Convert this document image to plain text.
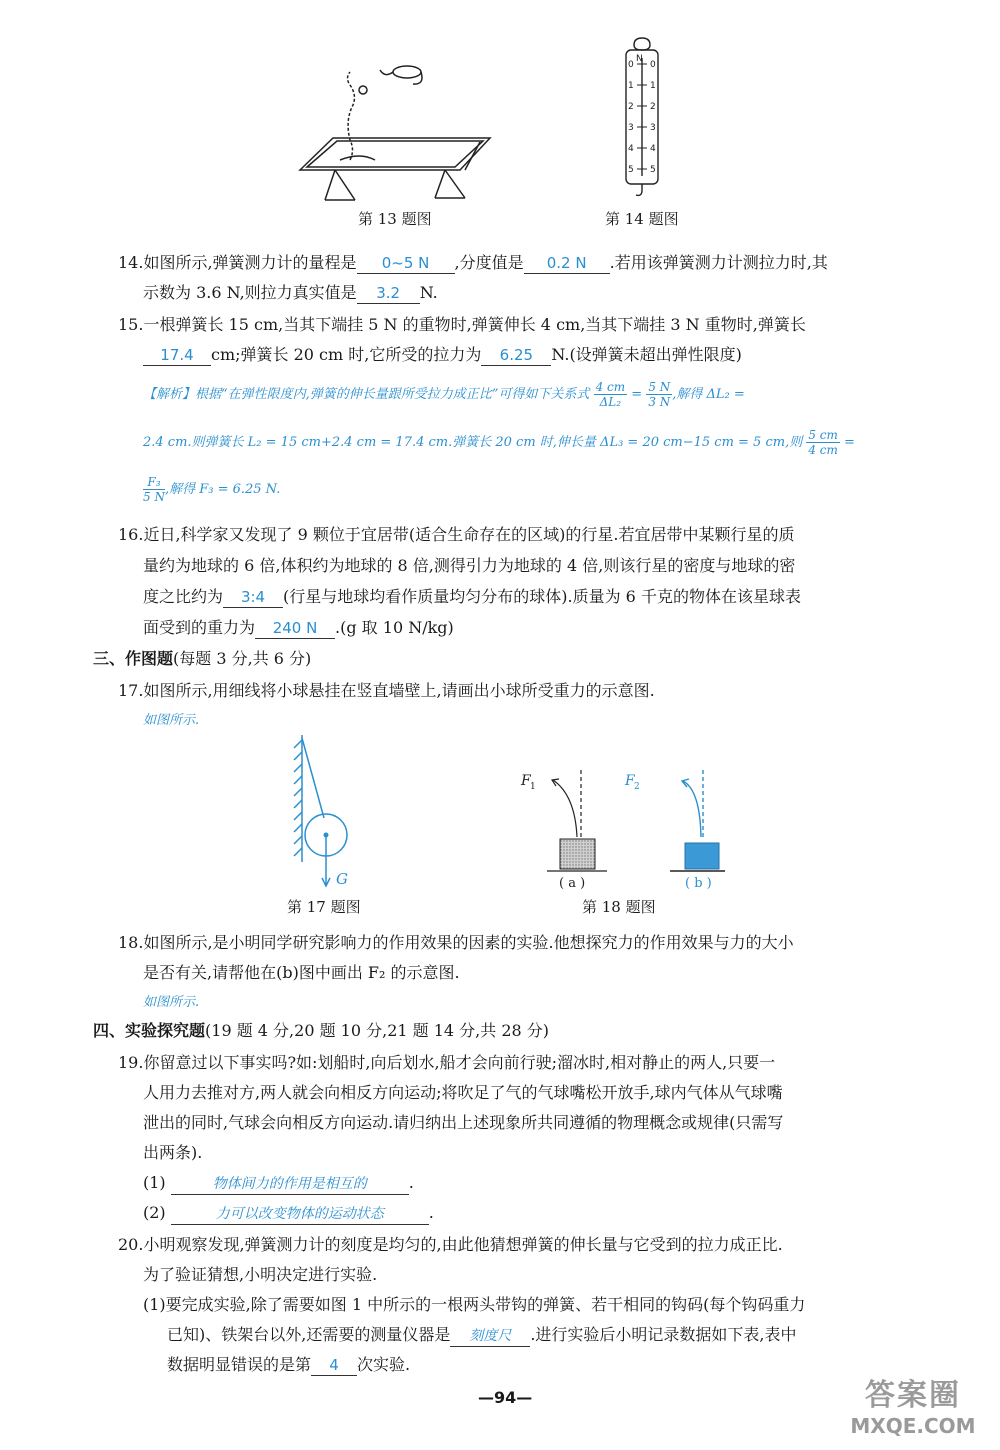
第 13 题图
N
0
1
2
3
4
5
0
1
2
3
4
5
第 14 题图
14.如图所示,弹簧测力计的量程是 0~5 N ,分度值是 0.2 N .若用该弹簧测力计测拉力时,其
示数为 3.6 N,则拉力真实值是 3.2 N.
15.一根弹簧长 15 cm,当其下端挂 5 N 的重物时,弹簧伸长 4 cm,当其下端挂 3 N 重物时,弹簧长
17.4 cm;弹簧长 20 cm 时,它所受的拉力为 6.25 N.(设弹簧未超出弹性限度)
【解析】根据“在弹性限度内,弹簧的伸长量跟所受拉力成正比”可得如下关系式 $\frac{4 cm}{\text{ΔL₂}} = \frac{5 N}{3 N}$ ,解得 ΔL₂ =
2.4 cm.则弹簧长 L₂ = 15 cm+2.4 cm = 17.4 cm.弹簧长 20 cm 时,伸长量 ΔL₃ = 20 cm−15 cm = 5 cm,则 $\frac{5 cm}{4 cm}$ =
$\frac{\text{F₃}}{5 N}$ ,解得 F₃ = 6.25 N.
16.近日,科学家又发现了 9 颗位于宜居带(适合生命存在的区域)的行星.若宜居带中某颗行星的质
量约为地球的 6 倍,体积约为地球的 8 倍,测得引力为地球的 4 倍,则该行星的密度与地球的密
度之比约为 3:4 (行星与地球均看作质量均匀分布的球体).质量为 6 千克的物体在该星球表
面受到的重力为 240 N .(g 取 10 N/kg)
三、作图题(每题 3 分,共 6 分)
17.如图所示,用细线将小球悬挂在竖直墙壁上,请画出小球所受重力的示意图.
如图所示.
G
第 17 题图
F 1
( a )
F 2
( b )
第 18 题图
18.如图所示,是小明同学研究影响力的作用效果的因素的实验.他想探究力的作用效果与力的大小
是否有关,请帮他在(b)图中画出 F₂ 的示意图.
如图所示.
四、实验探究题(19 题 4 分,20 题 10 分,21 题 14 分,共 28 分)
19.你留意过以下事实吗?如:划船时,向后划水,船才会向前行驶;溜冰时,相对静止的两人,只要一
人用力去推对方,两人就会向相反方向运动;将吹足了气的气球嘴松开放手,球内气体从气球嘴
泄出的同时,气球会向相反方向运动.请归纳出上述现象所共同遵循的物理概念或规律(只需写
出两条).
(1)	物体间力的作用是相互的	.
(2)	力可以改变物体的运动状态	.
20.小明观察发现,弹簧测力计的刻度是均匀的,由此他猜想弹簧的伸长量与它受到的拉力成正比.
为了验证猜想,小明决定进行实验.
(1)要完成实验,除了需要如图 1 中所示的一根两头带钩的弹簧、若干相同的钩码(每个钩码重力
已知)、铁架台以外,还需要的测量仪器是 刻度尺 .进行实验后小明记录数据如下表,表中
数据明显错误的是第 4 次实验.
—94—	答案圈
MXQE.COM
